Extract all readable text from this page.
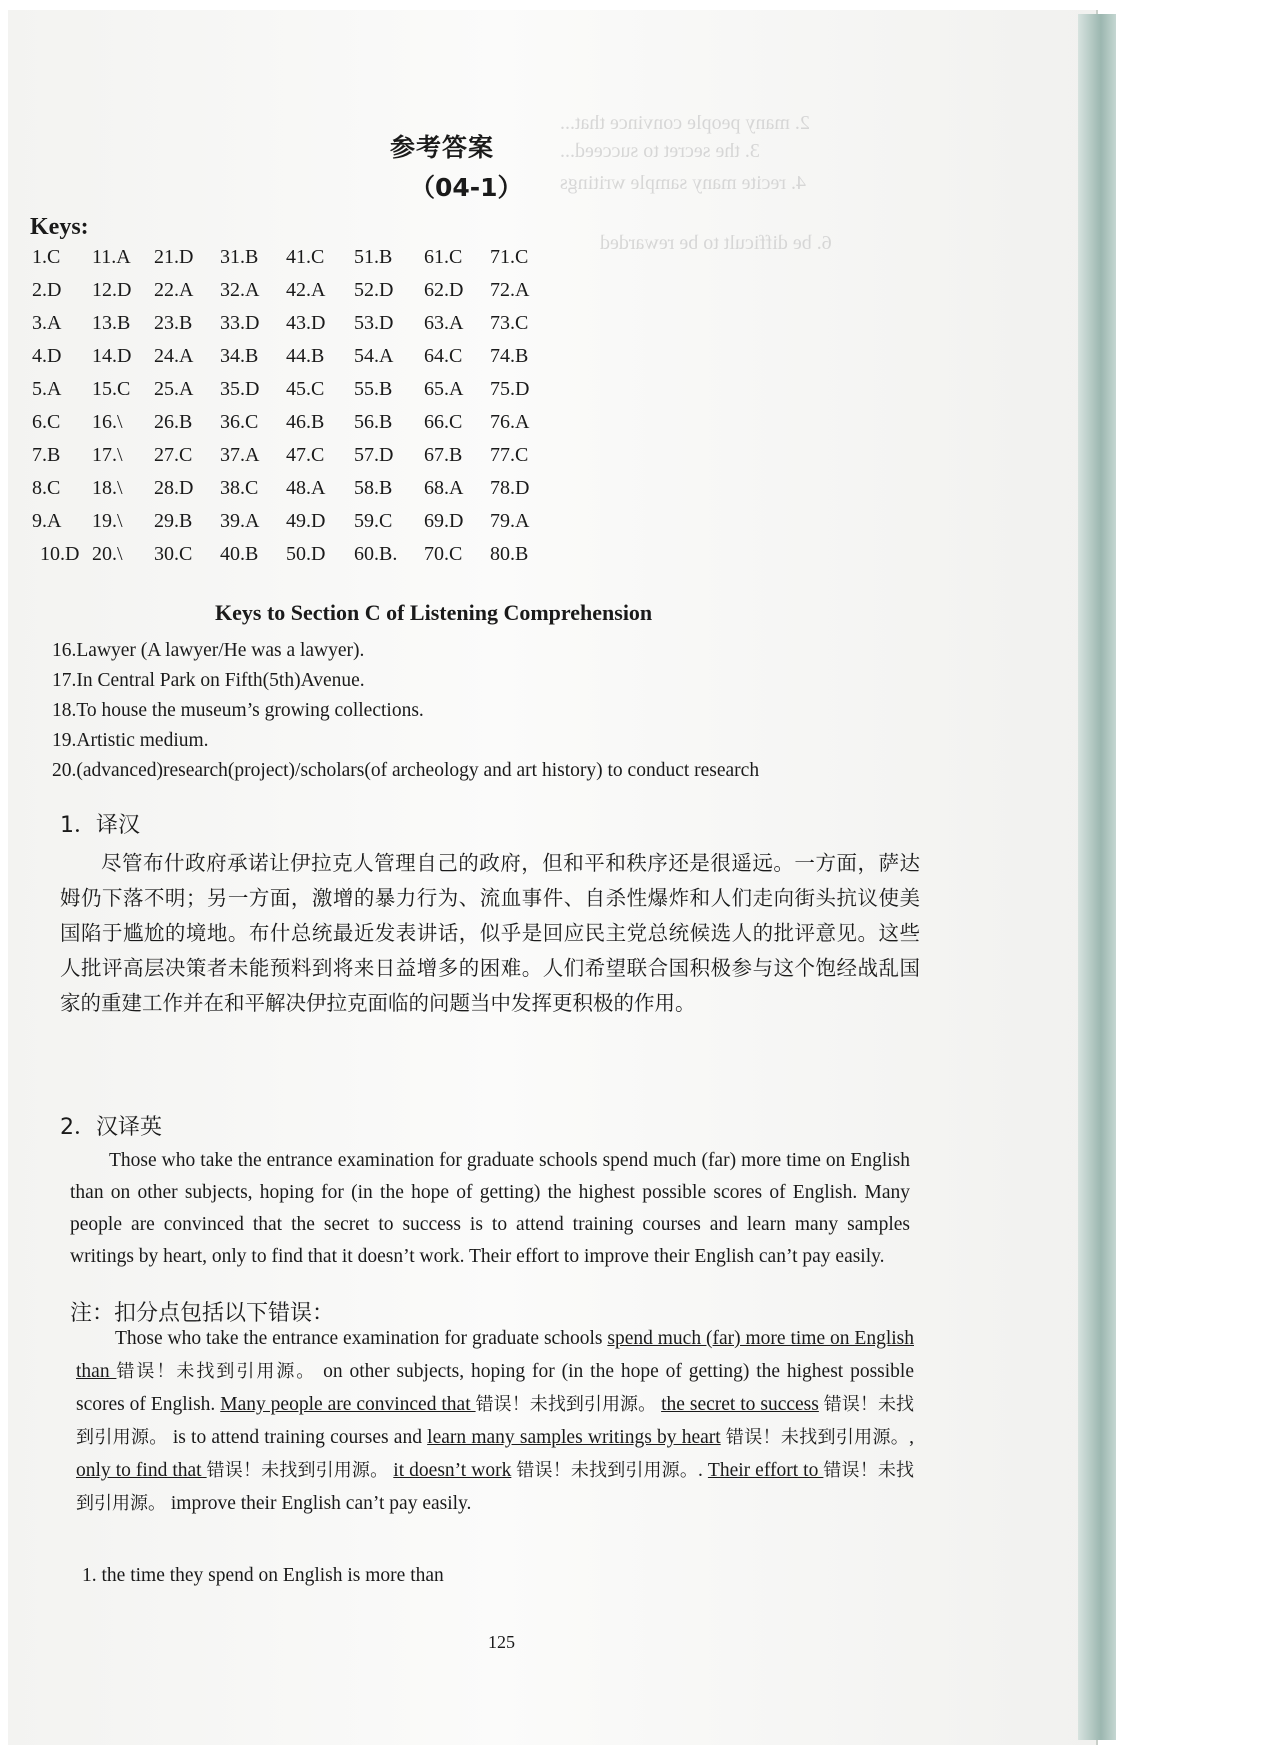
2. many people convince that...
3. the secret to succeed...
4. recite many sample writings
6. be difficult to be rewarded
参考答案
（04-1）
Keys:
1.C 11.A 21.D 31.B 41.C 51.B 61.C 71.C
2.D 12.D 22.A 32.A 42.A 52.D 62.D 72.A
3.A 13.B 23.B 33.D 43.D 53.D 63.A 73.C
4.D 14.D 24.A 34.B 44.B 54.A 64.C 74.B
5.A 15.C 25.A 35.D 45.C 55.B 65.A 75.D
6.C 16.\ 26.B 36.C 46.B 56.B 66.C 76.A
7.B 17.\ 27.C 37.A 47.C 57.D 67.B 77.C
8.C 18.\ 28.D 38.C 48.A 58.B 68.A 78.D
9.A 19.\ 29.B 39.A 49.D 59.C 69.D 79.A
10.D 20.\ 30.C 40.B 50.D 60.B. 70.C 80.B
Keys to Section C of Listening Comprehension
16.Lawyer (A lawyer/He was a lawyer).
17.In Central Park on Fifth(5th)Avenue.
18.To house the museum’s growing collections.
19.Artistic medium.
20.(advanced)research(project)/scholars(of archeology and art history) to conduct research
1．译汉
尽管布什政府承诺让伊拉克人管理自己的政府，但和平和秩序还是很遥远。一方面，萨达姆仍下落不明；另一方面，激增的暴力行为、流血事件、自杀性爆炸和人们走向街头抗议使美国陷于尴尬的境地。布什总统最近发表讲话，似乎是回应民主党总统候选人的批评意见。这些人批评高层决策者未能预料到将来日益增多的困难。人们希望联合国积极参与这个饱经战乱国家的重建工作并在和平解决伊拉克面临的问题当中发挥更积极的作用。
2．汉译英
Those who take the entrance examination for graduate schools spend much (far) more time on English than on other subjects, hoping for (in the hope of getting) the highest possible scores of English. Many people are convinced that the secret to success is to attend training courses and learn many samples writings by heart, only to find that it doesn’t work. Their effort to improve their English can’t pay easily.
注：扣分点包括以下错误：
Those who take the entrance examination for graduate schools spend much (far) more time on English than 错误！未找到引用源。 on other subjects, hoping for (in the hope of getting) the highest possible scores of English. Many people are convinced that 错误！未找到引用源。 the secret to success 错误！未找到引用源。 is to attend training courses and learn many samples writings by heart 错误！未找到引用源。, only to find that 错误！未找到引用源。 it doesn’t work 错误！未找到引用源。. Their effort to 错误！未找到引用源。 improve their English can’t pay easily.
1. the time they spend on English is more than
125
